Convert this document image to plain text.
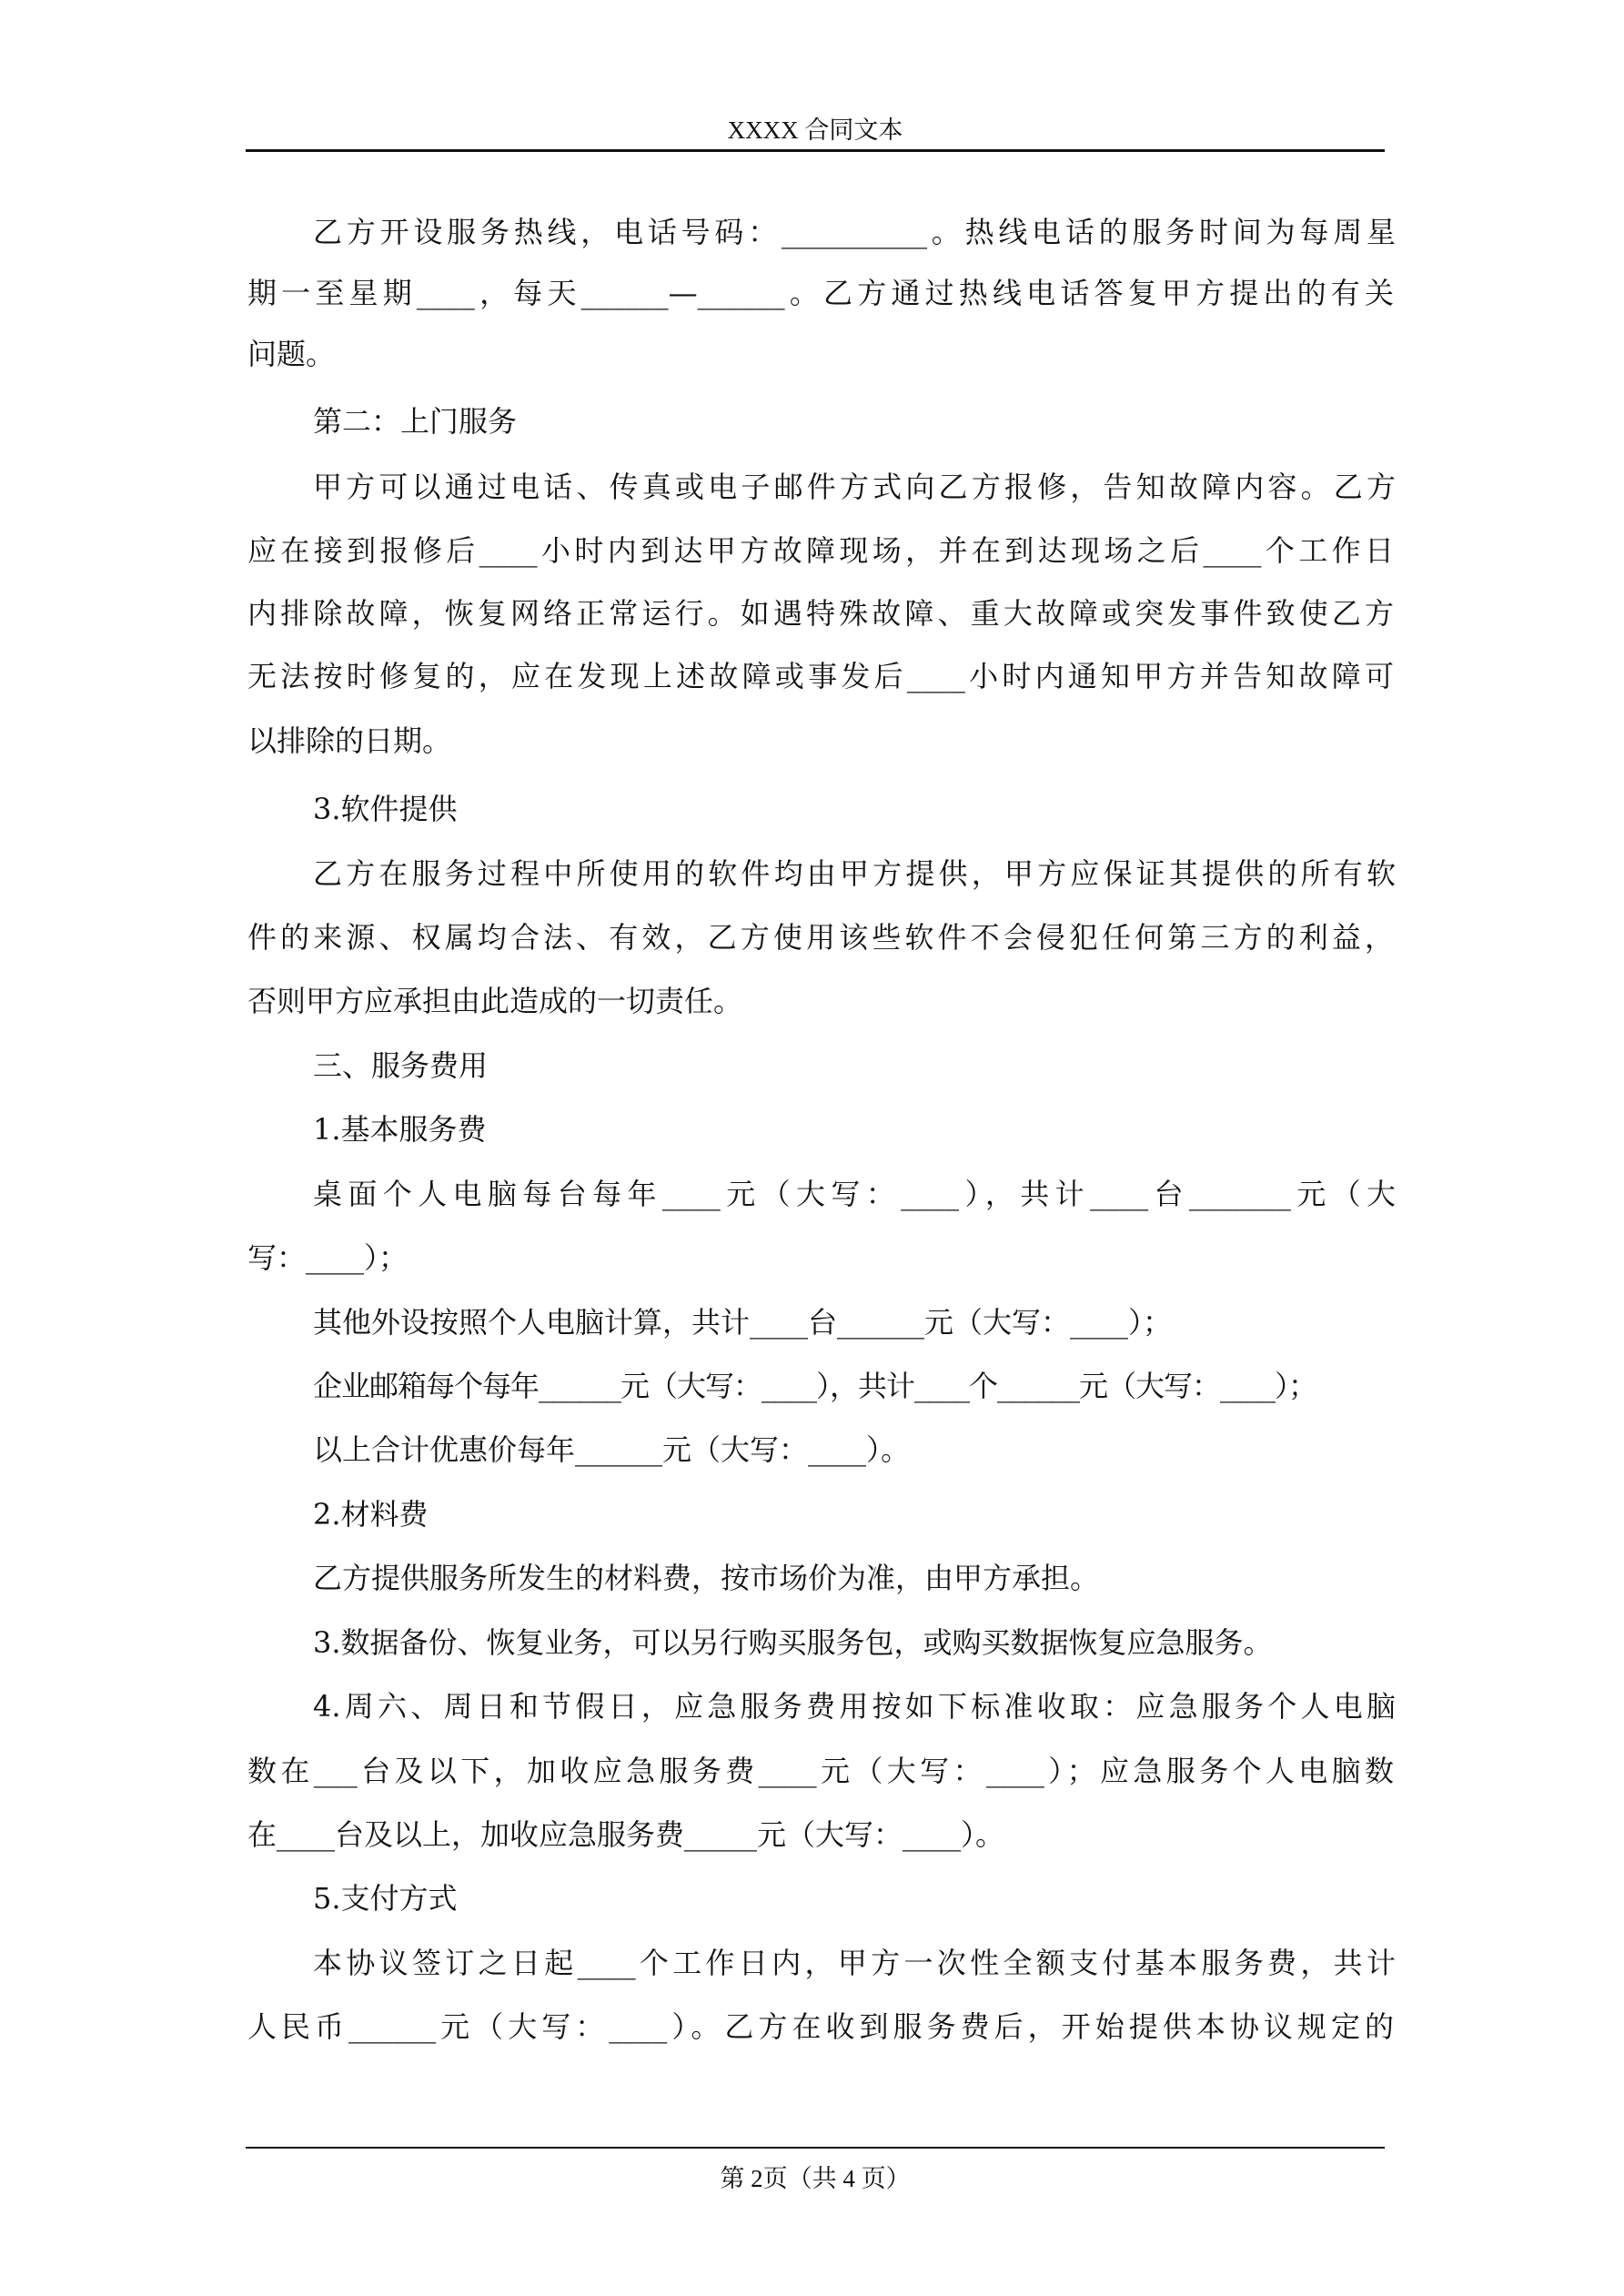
XXXX 合同文本
乙方开设服务热线，电话号码：__________。热线电话的服务时间为每周星
期一至星期____，每天______—______。乙方通过热线电话答复甲方提出的有关
问题。
第二：上门服务
甲方可以通过电话、传真或电子邮件方式向乙方报修，告知故障内容。乙方
应在接到报修后____小时内到达甲方故障现场，并在到达现场之后____个工作日
内排除故障，恢复网络正常运行。如遇特殊故障、重大故障或突发事件致使乙方
无法按时修复的，应在发现上述故障或事发后____小时内通知甲方并告知故障可
以排除的日期。
3.软件提供
乙方在服务过程中所使用的软件均由甲方提供，甲方应保证其提供的所有软
件的来源、权属均合法、有效，乙方使用该些软件不会侵犯任何第三方的利益，
否则甲方应承担由此造成的一切责任。
三、服务费用
1.基本服务费
桌面个人电脑每台每年____元（大写：____），共计____台_______元（大
写：____）；
其他外设按照个人电脑计算，共计____台______元（大写：____）；
企业邮箱每个每年______元（大写：____），共计____个______元（大写：____）；
以上合计优惠价每年______元（大写：____）。
2.材料费
乙方提供服务所发生的材料费，按市场价为准，由甲方承担。
3.数据备份、恢复业务，可以另行购买服务包，或购买数据恢复应急服务。
4.周六、周日和节假日，应急服务费用按如下标准收取：应急服务个人电脑
数在___台及以下，加收应急服务费____元（大写：____）；应急服务个人电脑数
在____台及以上，加收应急服务费_____元（大写：____）。
5.支付方式
本协议签订之日起____个工作日内，甲方一次性全额支付基本服务费，共计
人民币______元（大写：____）。乙方在收到服务费后，开始提供本协议规定的
第 2页（共 4 页）
